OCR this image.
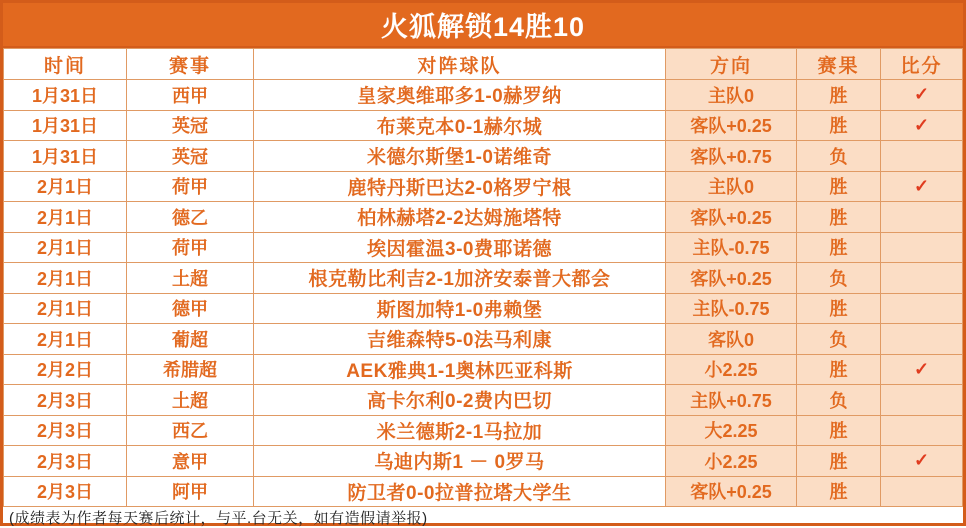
火狐解锁14胜10
时间	赛事	对阵球队	方向	赛果	比分
1月31日	西甲	皇家奥维耶多1-0赫罗纳	主队0	胜	✓
1月31日	英冠	布莱克本0-1赫尔城	客队+0.25	胜	✓
1月31日	英冠	米德尔斯堡1-0诺维奇	客队+0.75	负	
2月1日	荷甲	鹿特丹斯巴达2-0格罗宁根	主队0	胜	✓
2月1日	德乙	柏林赫塔2-2达姆施塔特	客队+0.25	胜	
2月1日	荷甲	埃因霍温3-0费耶诺德	主队-0.75	胜	
2月1日	土超	根克勒比利吉2-1加济安泰普大都会	客队+0.25	负	
2月1日	德甲	斯图加特1-0弗赖堡	主队-0.75	胜	
2月1日	葡超	吉维森特5-0法马利康	客队0	负	
2月2日	希腊超	AEK雅典1-1奥林匹亚科斯	小2.25	胜	✓
2月3日	土超	高卡尔利0-2费内巴切	主队+0.75	负	
2月3日	西乙	米兰德斯2-1马拉加	大2.25	胜	
2月3日	意甲	乌迪内斯1 － 0罗马	小2.25	胜	✓
2月3日	阿甲	防卫者0-0拉普拉塔大学生	客队+0.25	胜	
(成绩表为作者每天赛后统计，与平.台无关，如有造假请举报)
